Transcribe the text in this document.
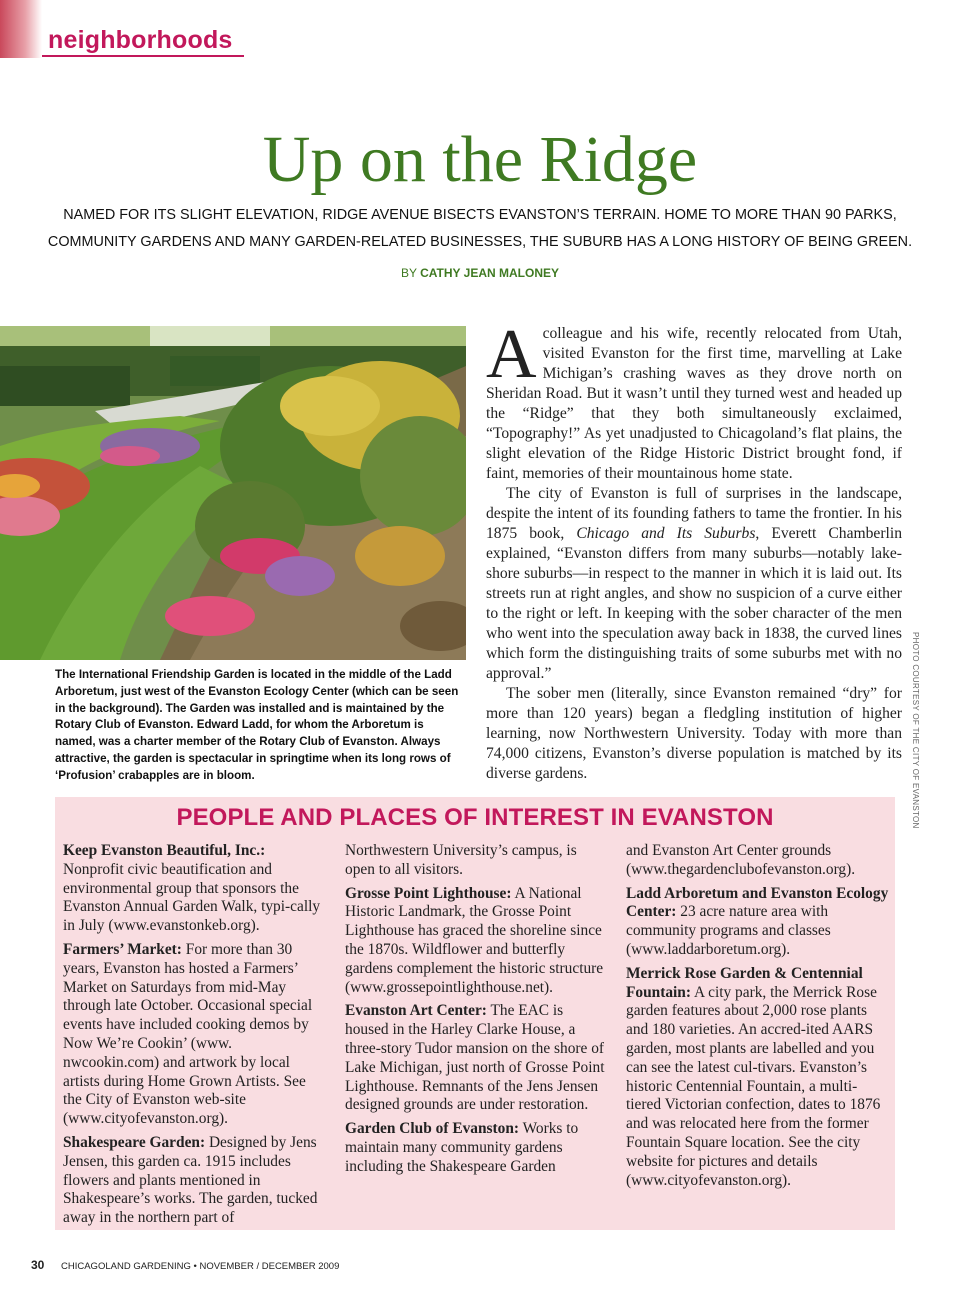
neighborhoods
Up on the Ridge
NAMED FOR ITS SLIGHT ELEVATION, RIDGE AVENUE BISECTS EVANSTON’S TERRAIN. HOME TO MORE THAN 90 PARKS,
COMMUNITY GARDENS AND MANY GARDEN-RELATED BUSINESSES, THE SUBURB HAS A LONG HISTORY OF BEING GREEN.
BY CATHY JEAN MALONEY
The International Friendship Garden is located in the middle of the Ladd Arboretum, just west of the Evanston Ecology Center (which can be seen in the background). The Garden was installed and is maintained by the Rotary Club of Evanston. Edward Ladd, for whom the Arboretum is named, was a charter member of the Rotary Club of Evanston. Always attractive, the garden is spectacular in springtime when its long rows of ‘Profusion’ crabapples are in bloom.

Acolleague and his wife, recently relocated from Utah, visited Evanston for the first time, marvelling at Lake Michigan’s crashing waves as they drove north on Sheridan Road. But it wasn’t until they turned west and headed up the “Ridge” that they both simultaneously exclaimed, “Topography!” As yet unadjusted to Chicagoland’s flat plains, the slight elevation of the Ridge Historic District brought fond, if faint, memories of their mountainous home state.

The city of Evanston is full of surprises in the landscape, despite the intent of its founding fathers to tame the frontier. In his 1875 book, Chicago and Its Suburbs, Everett Chamberlin explained, “Evanston differs from many suburbs—notably lake-shore suburbs—in respect to the manner in which it is laid out. Its streets run at right angles, and show no suspicion of a curve either to the right or left. In keeping with the sober character of the men who went into the speculation away back in 1838, the curved lines which form the distinguishing traits of some suburbs met with no approval.”

The sober men (literally, since Evanston remained “dry” for more than 120 years) began a fledgling institution of higher learning, now Northwestern University. Today with more than 74,000 citizens, Evanston’s diverse population is matched by its diverse gardens.	PHOTO COURTESY OF THE CITY OF EVANSTON
PEOPLE AND PLACES OF INTEREST IN EVANSTON

Keep Evanston Beautiful, Inc.: Nonprofit civic beautification and environmental group that sponsors the Evanston Annual Garden Walk, typi-cally in July (www.evanstonkeb.org).

Farmers’ Market: For more than 30 years, Evanston has hosted a Farmers’ Market on Saturdays from mid-May through late October. Occasional special events have included cooking demos by Now We’re Cookin’ (www. nwcookin.com) and artwork by local artists during Home Grown Artists. See the City of Evanston web-site (www.cityofevanston.org).

Shakespeare Garden: Designed by Jens Jensen, this garden ca. 1915 includes flowers and plants mentioned in Shakespeare’s works. The garden, tucked away in the northern part of

Northwestern University’s campus, is open to all visitors.

Grosse Point Lighthouse: A National Historic Landmark, the Grosse Point Lighthouse has graced the shoreline since the 1870s. Wildflower and butterfly gardens complement the historic structure (www.grossepointlighthouse.net).

Evanston Art Center: The EAC is housed in the Harley Clarke House, a three-story Tudor mansion on the shore of Lake Michigan, just north of Grosse Point Lighthouse. Remnants of the Jens Jensen designed grounds are under restoration.

Garden Club of Evanston: Works to maintain many community gardens including the Shakespeare Garden

and Evanston Art Center grounds (www.thegardenclubofevanston.org).

Ladd Arboretum and Evanston Ecology Center: 23 acre nature area with community programs and classes (www.laddarboretum.org).

Merrick Rose Garden & Centennial Fountain: A city park, the Merrick Rose garden features about 2,000 rose plants and 180 varieties. An accred-ited AARS garden, most plants are labelled and you can see the latest cul-tivars. Evanston’s historic Centennial Fountain, a multi-tiered Victorian confection, dates to 1876 and was relocated here from the former Fountain Square location. See the city website for pictures and details (www.cityofevanston.org).

30 CHICAGOLAND GARDENING • NOVEMBER / DECEMBER 2009
